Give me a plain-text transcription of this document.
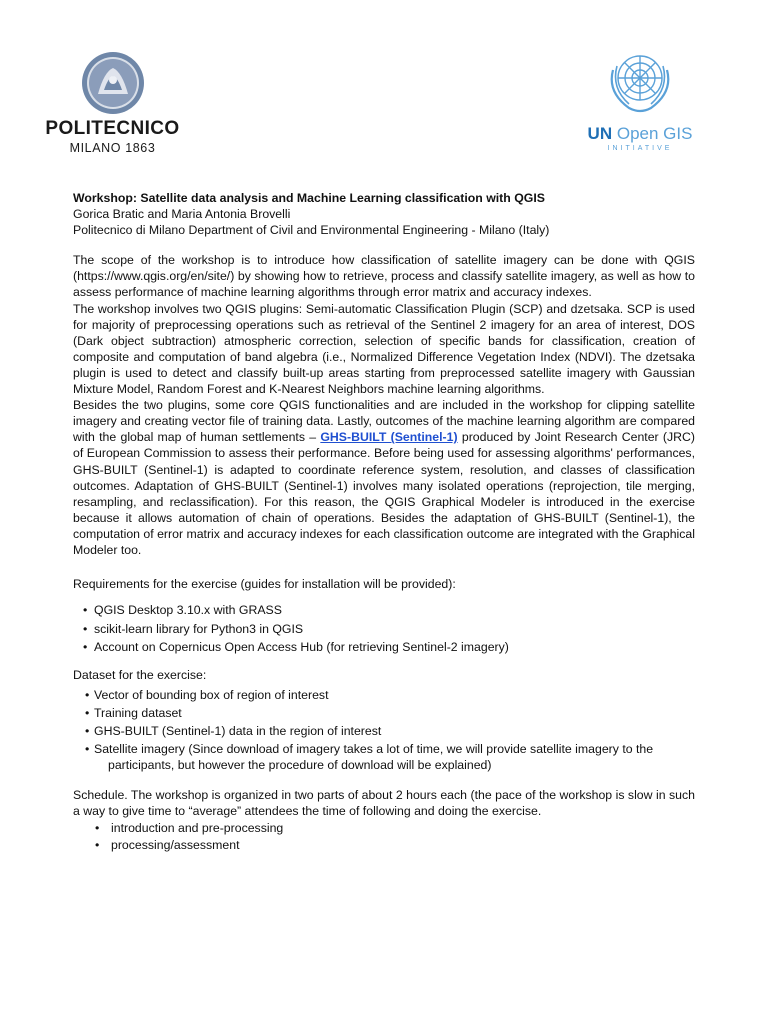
POLITECNICO
MILANO 1863
UN Open GIS
INITIATIVE

Workshop: Satellite data analysis and Machine Learning classification with QGIS

Gorica Bratic and Maria Antonia Brovelli

Politecnico di Milano Department of Civil and Environmental Engineering - Milano (Italy)

The scope of the workshop is to introduce how classification of satellite imagery can be done with QGIS (https://www.qgis.org/en/site/) by showing how to retrieve, process and classify satellite imagery, as well as how to assess performance of machine learning algorithms through error matrix and accuracy indexes.

The workshop involves two QGIS plugins: Semi-automatic Classification Plugin (SCP) and dzetsaka. SCP is used for majority of preprocessing operations such as retrieval of the Sentinel 2 imagery for an area of interest, DOS (Dark object subtraction) atmospheric correction, selection of specific bands for classification, creation of composite and computation of band algebra (i.e., Normalized Difference Vegetation Index (NDVI). The dzetsaka plugin is used to detect and classify built-up areas starting from preprocessed satellite imagery with Gaussian Mixture Model, Random Forest and K-Nearest Neighbors machine learning algorithms.

Besides the two plugins, some core QGIS functionalities and are included in the workshop for clipping satellite imagery and creating vector file of training data. Lastly, outcomes of the machine learning algorithm are compared with the global map of human settlements – GHS-BUILT (Sentinel-1) produced by Joint Research Center (JRC) of European Commission to assess their performance. Before being used for assessing algorithms' performances, GHS-BUILT (Sentinel-1) is adapted to coordinate reference system, resolution, and classes of classification outcomes. Adaptation of GHS-BUILT (Sentinel-1) involves many isolated operations (reprojection, tile merging, resampling, and reclassification). For this reason, the QGIS Graphical Modeler is introduced in the exercise because it allows automation of chain of operations. Besides the adaptation of GHS-BUILT (Sentinel-1), the computation of error matrix and accuracy indexes for each classification outcome are integrated with the Graphical Modeler too.

Requirements for the exercise (guides for installation will be provided):

• QGIS Desktop 3.10.x with GRASS
• scikit-learn library for Python3 in QGIS
• Account on Copernicus Open Access Hub (for retrieving Sentinel-2 imagery)

Dataset for the exercise:

• Vector of bounding box of region of interest
• Training dataset
• GHS-BUILT (Sentinel-1) data in the region of interest
• Satellite imagery (Since download of imagery takes a lot of time, we will provide satellite imagery to the
participants, but however the procedure of download will be explained)

Schedule. The workshop is organized in two parts of about 2 hours each (the pace of the workshop is slow in such a way to give time to “average” attendees the time of following and doing the exercise.

• introduction and pre-processing
• processing/assessment
